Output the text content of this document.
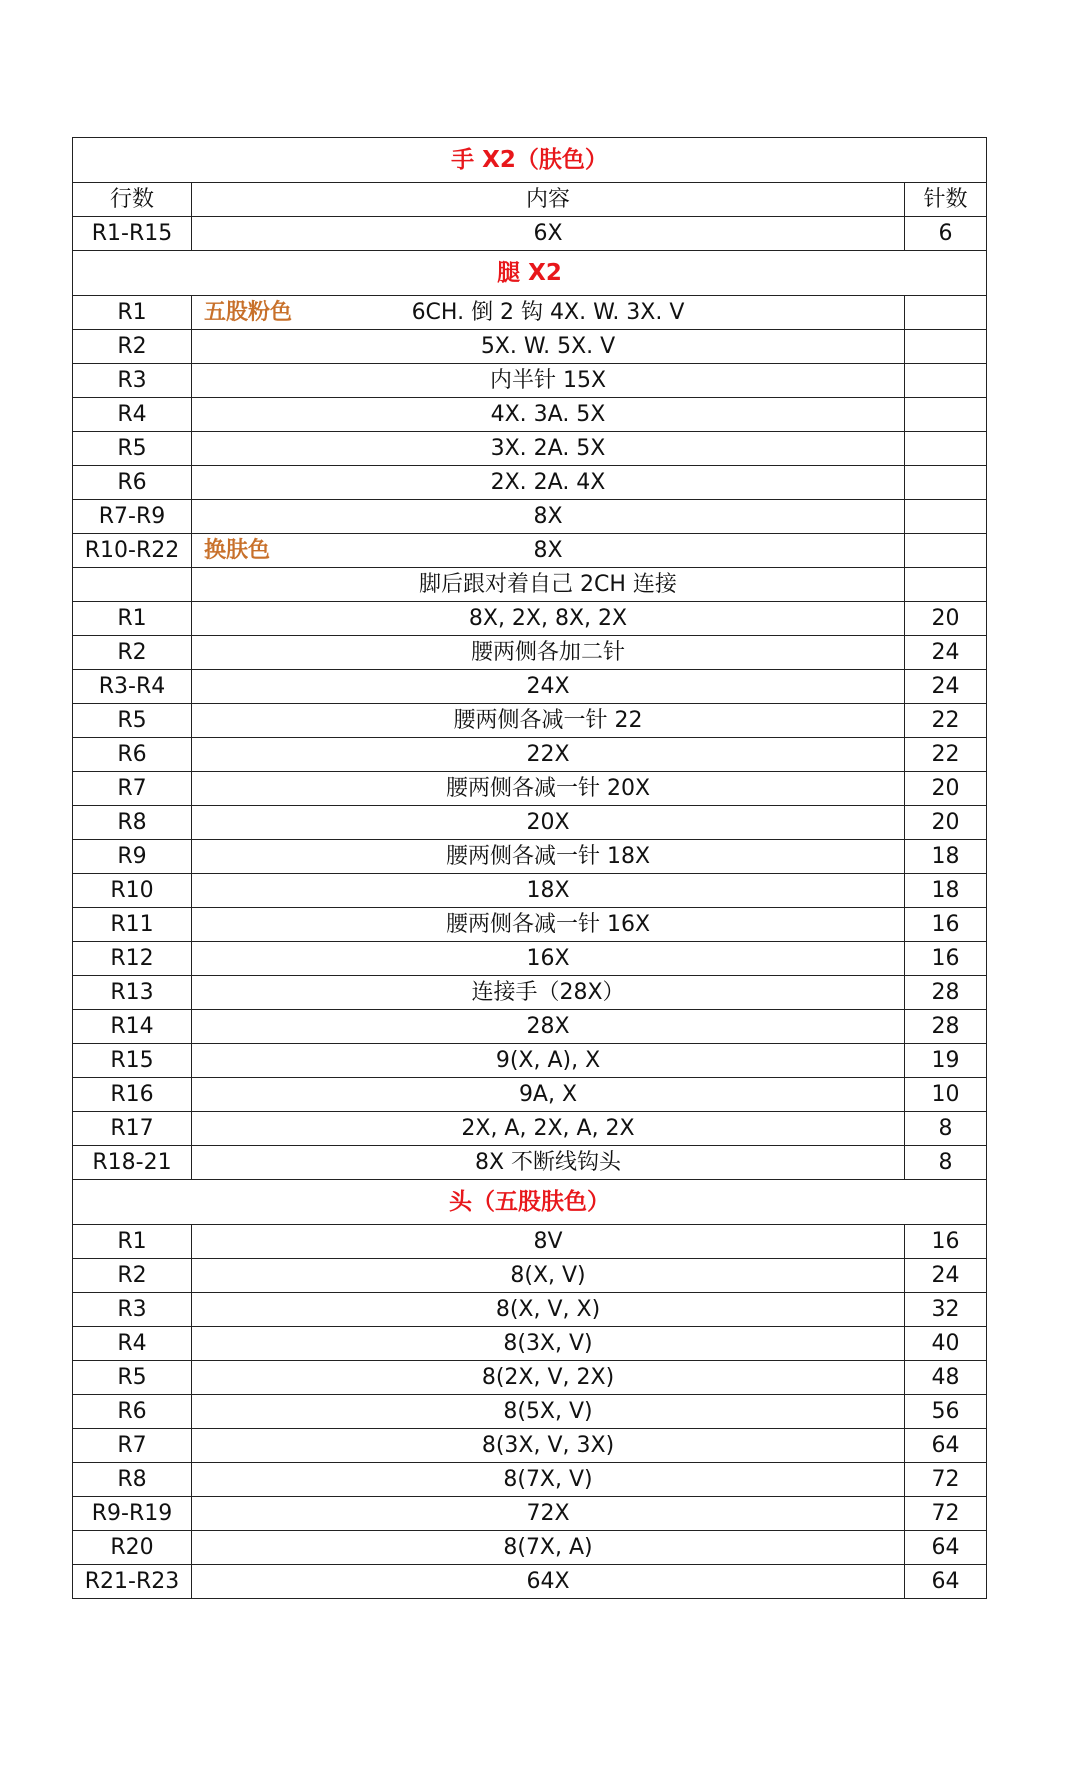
手 X2（肤色）		
行数	内容	针数
R1-R15	6X	6
腿 X2		
R1	五股粉色 6CH. 倒 2 钩 4X. W. 3X. V	
R2	5X. W. 5X. V	
R3	内半针 15X	
R4	4X. 3A. 5X	
R5	3X. 2A. 5X	
R6	2X. 2A. 4X	
R7-R9	8X	
R10-R22	换肤色 8X	
	脚后跟对着自己 2CH 连接	
R1	8X, 2X, 8X, 2X	20
R2	腰两侧各加二针	24
R3-R4	24X	24
R5	腰两侧各减一针 22	22
R6	22X	22
R7	腰两侧各减一针 20X	20
R8	20X	20
R9	腰两侧各减一针 18X	18
R10	18X	18
R11	腰两侧各减一针 16X	16
R12	16X	16
R13	连接手（28X）	28
R14	28X	28
R15	9(X, A), X	19
R16	9A, X	10
R17	2X, A, 2X, A, 2X	8
R18-21	8X 不断线钩头	8
头（五股肤色）		
R1	8V	16
R2	8(X, V)	24
R3	8(X, V, X)	32
R4	8(3X, V)	40
R5	8(2X, V, 2X)	48
R6	8(5X, V)	56
R7	8(3X, V, 3X)	64
R8	8(7X, V)	72
R9-R19	72X	72
R20	8(7X, A)	64
R21-R23	64X	64
